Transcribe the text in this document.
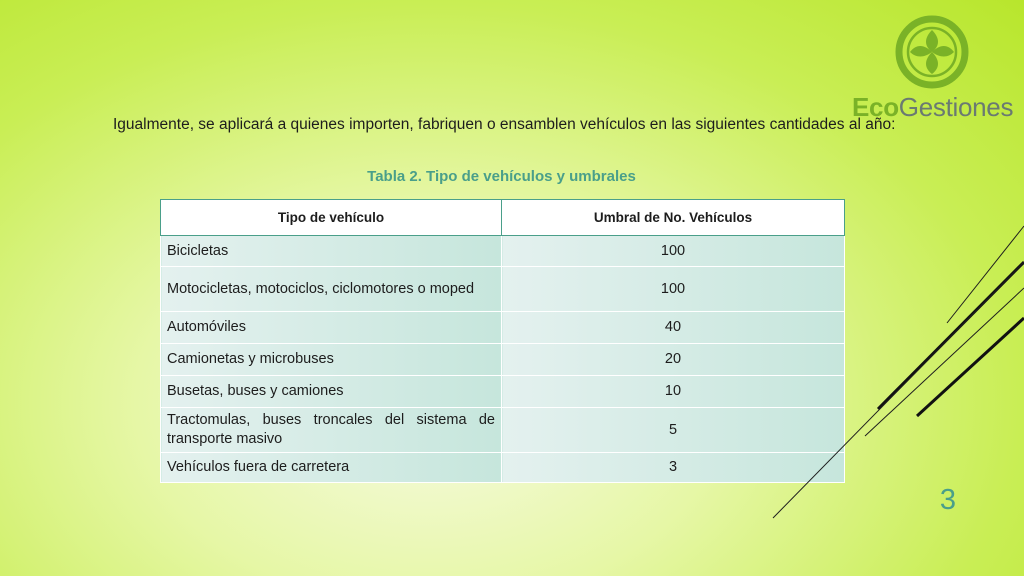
EcoGestiones
Igualmente, se aplicará a quienes importen, fabriquen o ensamblen vehículos en las siguientes cantidades al año:
Tabla 2. Tipo de vehículos y umbrales
Tipo de vehículo	Umbral de No. Vehículos
Bicicletas	100
Motocicletas, motociclos, ciclomotores o moped	100
Automóviles	40
Camionetas y microbuses	20
Busetas, buses y camiones	10
Tractomulas, buses troncales del sistema de transporte masivo	5
Vehículos fuera de carretera	3
3
